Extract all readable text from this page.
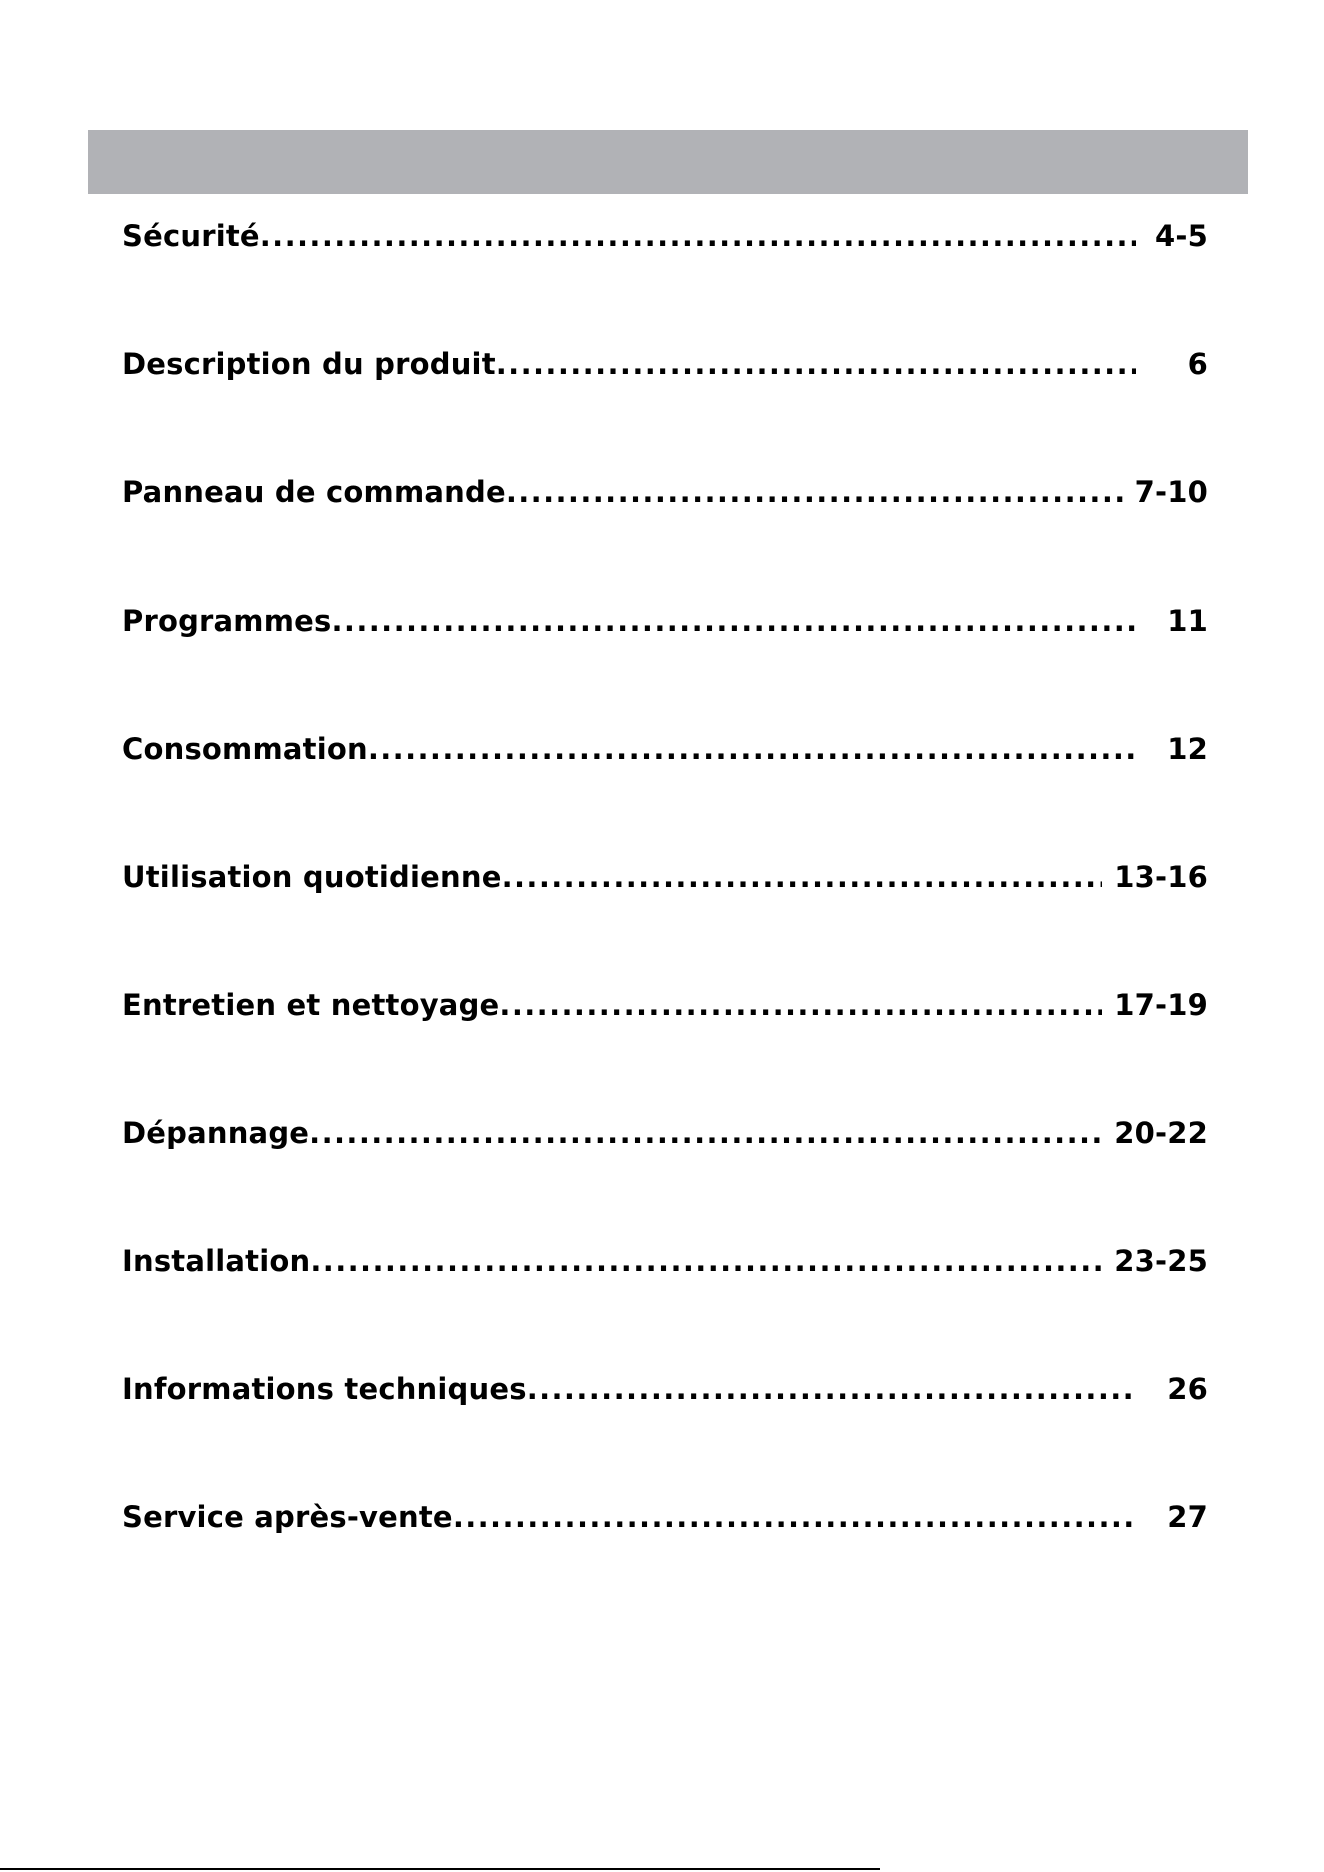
Sécurité .....	4-5
Description du produit .....	6
Panneau de commande .....	7-10
Programmes .....	11
Consommation .....	12
Utilisation quotidienne .....	13-16
Entretien et nettoyage .....	17-19
Dépannage .....	20-22
Installation .....	23-25
Informations techniques .....	26
Service après-vente .....	27
